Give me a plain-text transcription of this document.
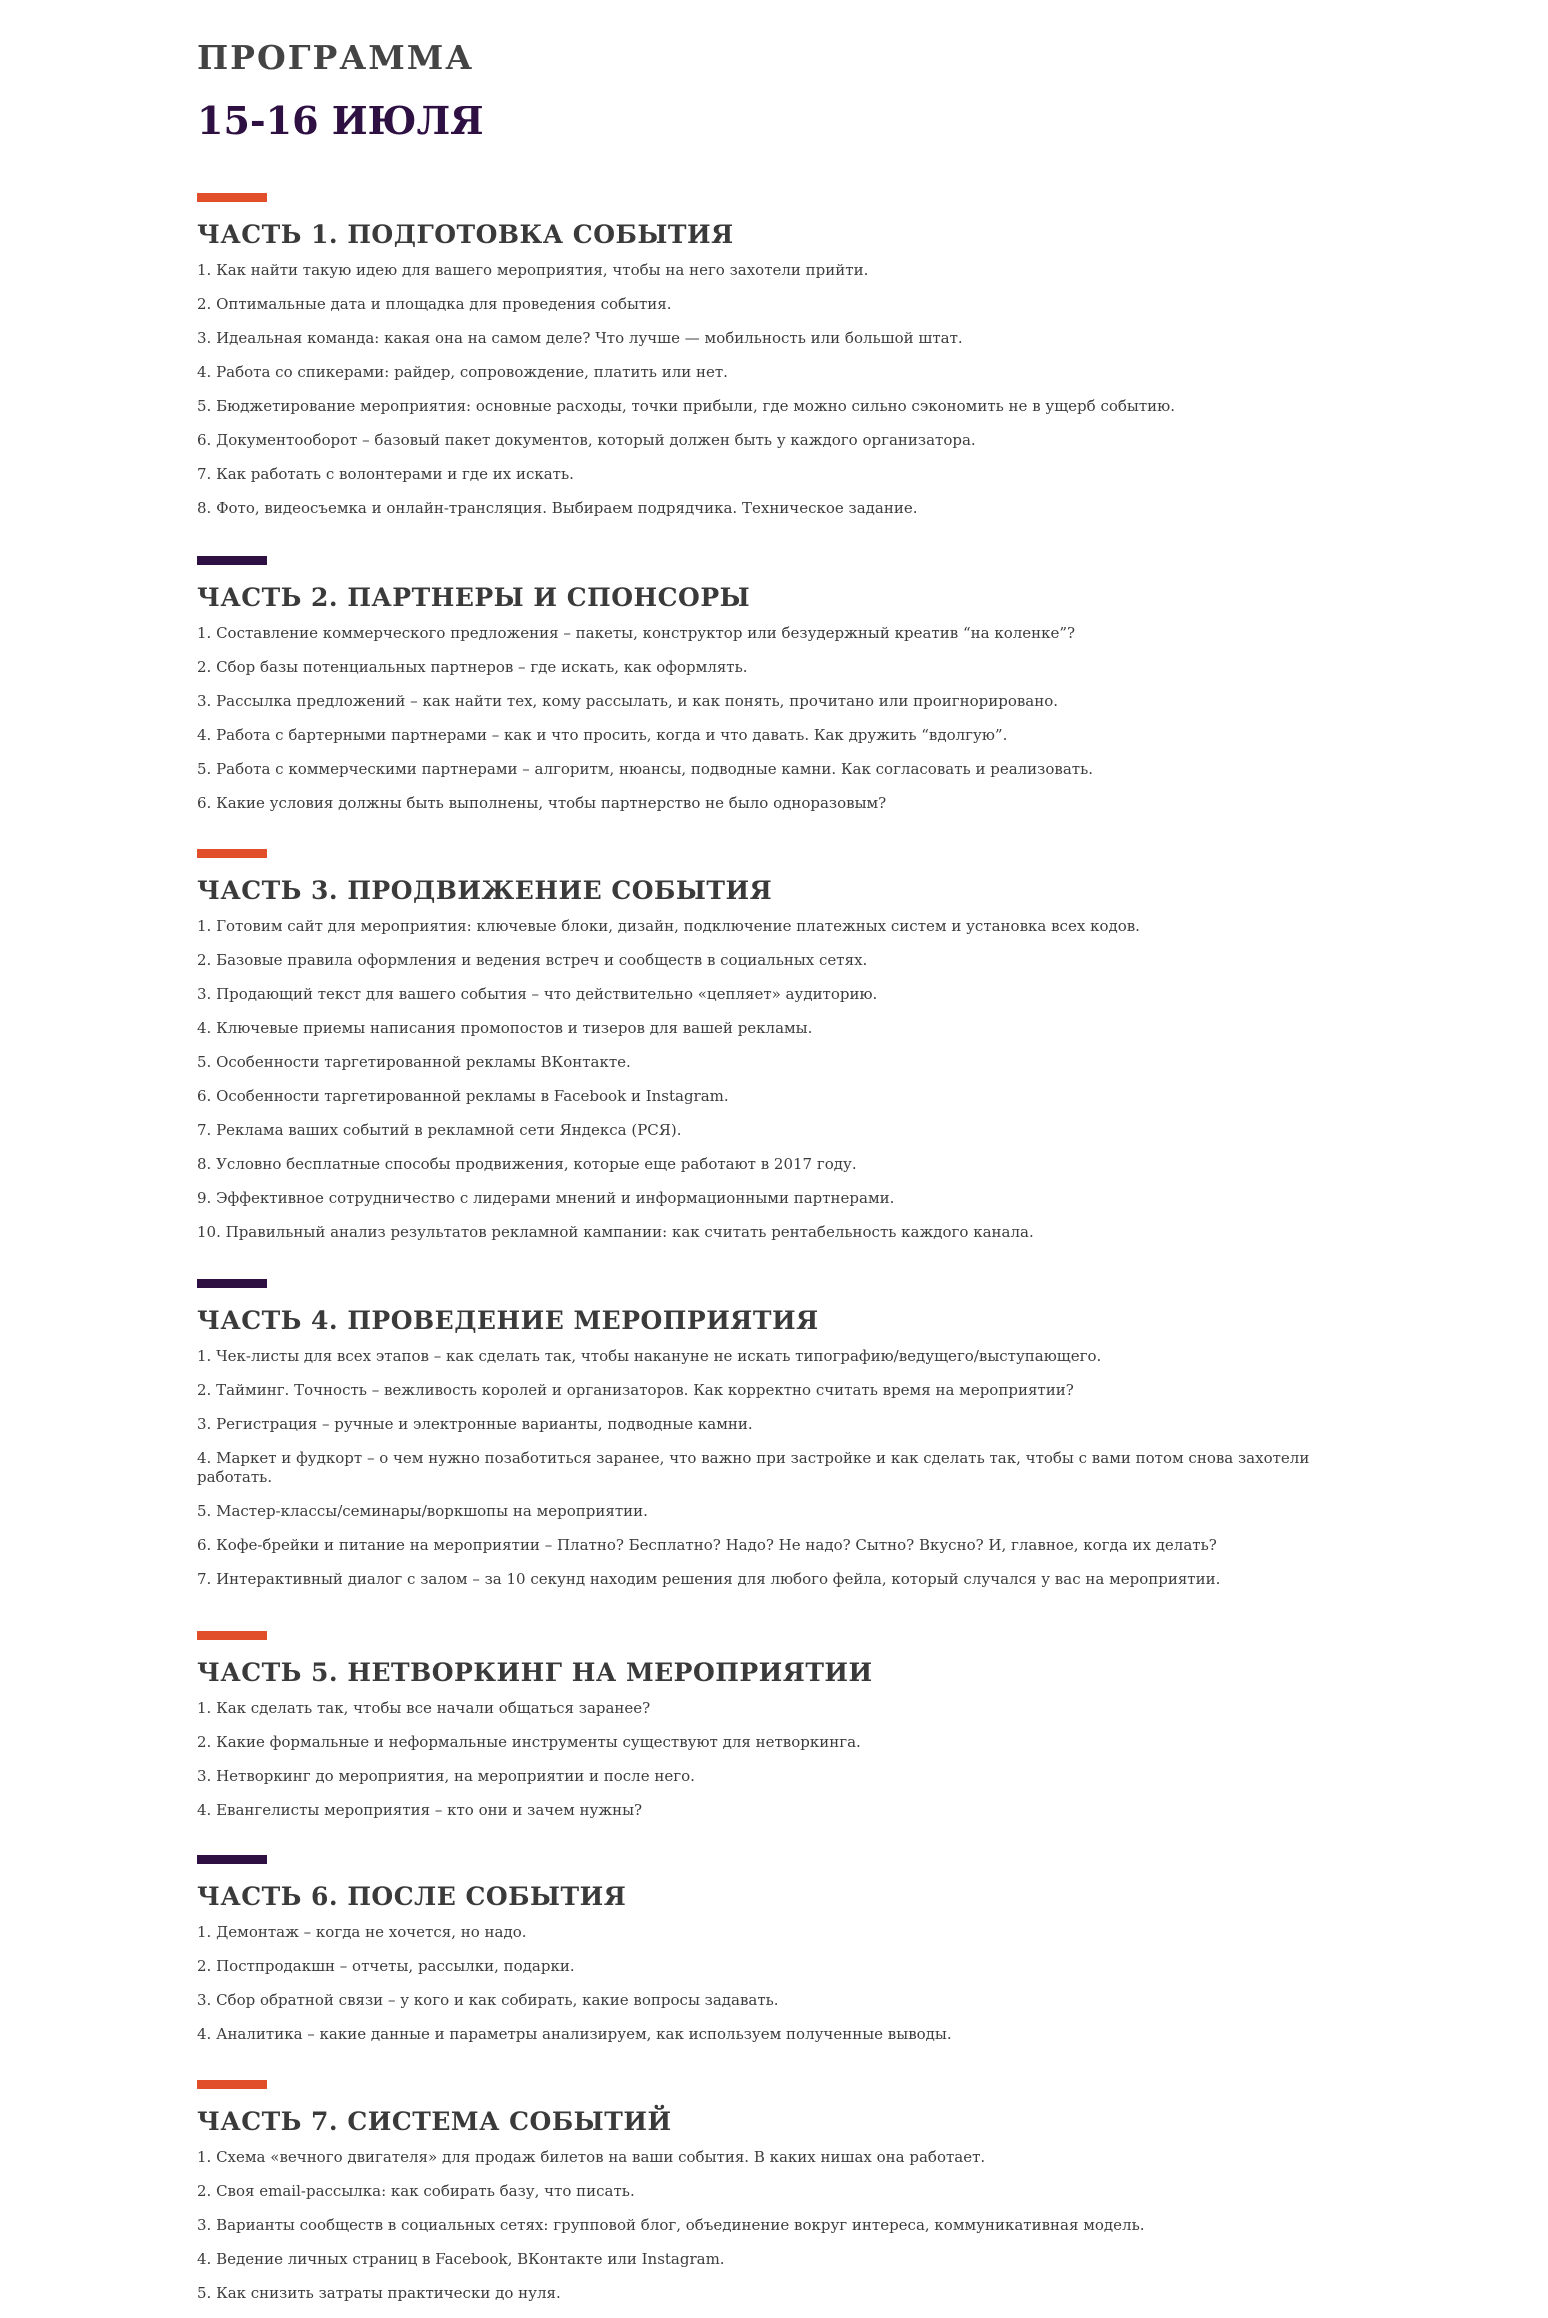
ПРОГРАММА
15-16 ИЮЛЯ
ЧАСТЬ 1. ПОДГОТОВКА СОБЫТИЯ
1. Как найти такую идею для вашего мероприятия, чтобы на него захотели прийти.
2. Оптимальные дата и площадка для проведения события.
3. Идеальная команда: какая она на самом деле? Что лучше — мобильность или большой штат.
4. Работа со спикерами: райдер, сопровождение, платить или нет.
5. Бюджетирование мероприятия: основные расходы, точки прибыли, где можно сильно сэкономить не в ущерб событию.
6. Документооборот – базовый пакет документов, который должен быть у каждого организатора.
7. Как работать с волонтерами и где их искать.
8. Фото, видеосъемка и онлайн-трансляция. Выбираем подрядчика. Техническое задание.
ЧАСТЬ 2. ПАРТНЕРЫ И СПОНСОРЫ
1. Составление коммерческого предложения – пакеты, конструктор или безудержный креатив “на коленке”?
2. Сбор базы потенциальных партнеров – где искать, как оформлять.
3. Рассылка предложений – как найти тех, кому рассылать, и как понять, прочитано или проигнорировано.
4. Работа с бартерными партнерами – как и что просить, когда и что давать. Как дружить “вдолгую”.
5. Работа с коммерческими партнерами – алгоритм, нюансы, подводные камни. Как согласовать и реализовать.
6. Какие условия должны быть выполнены, чтобы партнерство не было одноразовым?
ЧАСТЬ 3. ПРОДВИЖЕНИЕ СОБЫТИЯ
1. Готовим сайт для мероприятия: ключевые блоки, дизайн, подключение платежных систем и установка всех кодов.
2. Базовые правила оформления и ведения встреч и сообществ в социальных сетях.
3. Продающий текст для вашего события – что действительно «цепляет» аудиторию.
4. Ключевые приемы написания промопостов и тизеров для вашей рекламы.
5. Особенности таргетированной рекламы ВКонтакте.
6. Особенности таргетированной рекламы в Facebook и Instagram.
7. Реклама ваших событий в рекламной сети Яндекса (РСЯ).
8. Условно бесплатные способы продвижения, которые еще работают в 2017 году.
9. Эффективное сотрудничество с лидерами мнений и информационными партнерами.
10. Правильный анализ результатов рекламной кампании: как считать рентабельность каждого канала.
ЧАСТЬ 4. ПРОВЕДЕНИЕ МЕРОПРИЯТИЯ
1. Чек-листы для всех этапов – как сделать так, чтобы накануне не искать типографию/ведущего/выступающего.
2. Тайминг. Точность – вежливость королей и организаторов. Как корректно считать время на мероприятии?
3. Регистрация – ручные и электронные варианты, подводные камни.
4. Маркет и фудкорт – о чем нужно позаботиться заранее, что важно при застройке и как сделать так, чтобы с вами потом снова захотели работать.
5. Мастер-классы/семинары/воркшопы на мероприятии.
6. Кофе-брейки и питание на мероприятии – Платно? Бесплатно? Надо? Не надо? Сытно? Вкусно? И, главное, когда их делать?
7. Интерактивный диалог с залом – за 10 секунд находим решения для любого фейла, который случался у вас на мероприятии.
ЧАСТЬ 5. НЕТВОРКИНГ НА МЕРОПРИЯТИИ
1. Как сделать так, чтобы все начали общаться заранее?
2. Какие формальные и неформальные инструменты существуют для нетворкинга.
3. Нетворкинг до мероприятия, на мероприятии и после него.
4. Евангелисты мероприятия – кто они и зачем нужны?
ЧАСТЬ 6. ПОСЛЕ СОБЫТИЯ
1. Демонтаж – когда не хочется, но надо.
2. Постпродакшн – отчеты, рассылки, подарки.
3. Сбор обратной связи – у кого и как собирать, какие вопросы задавать.
4. Аналитика – какие данные и параметры анализируем, как используем полученные выводы.
ЧАСТЬ 7. СИСТЕМА СОБЫТИЙ
1. Схема «вечного двигателя» для продаж билетов на ваши события. В каких нишах она работает.
2. Своя email-рассылка: как собирать базу, что писать.
3. Варианты сообществ в социальных сетях: групповой блог, объединение вокруг интереса, коммуникативная модель.
4. Ведение личных страниц в Facebook, ВКонтакте или Instagram.
5. Как снизить затраты практически до нуля.
